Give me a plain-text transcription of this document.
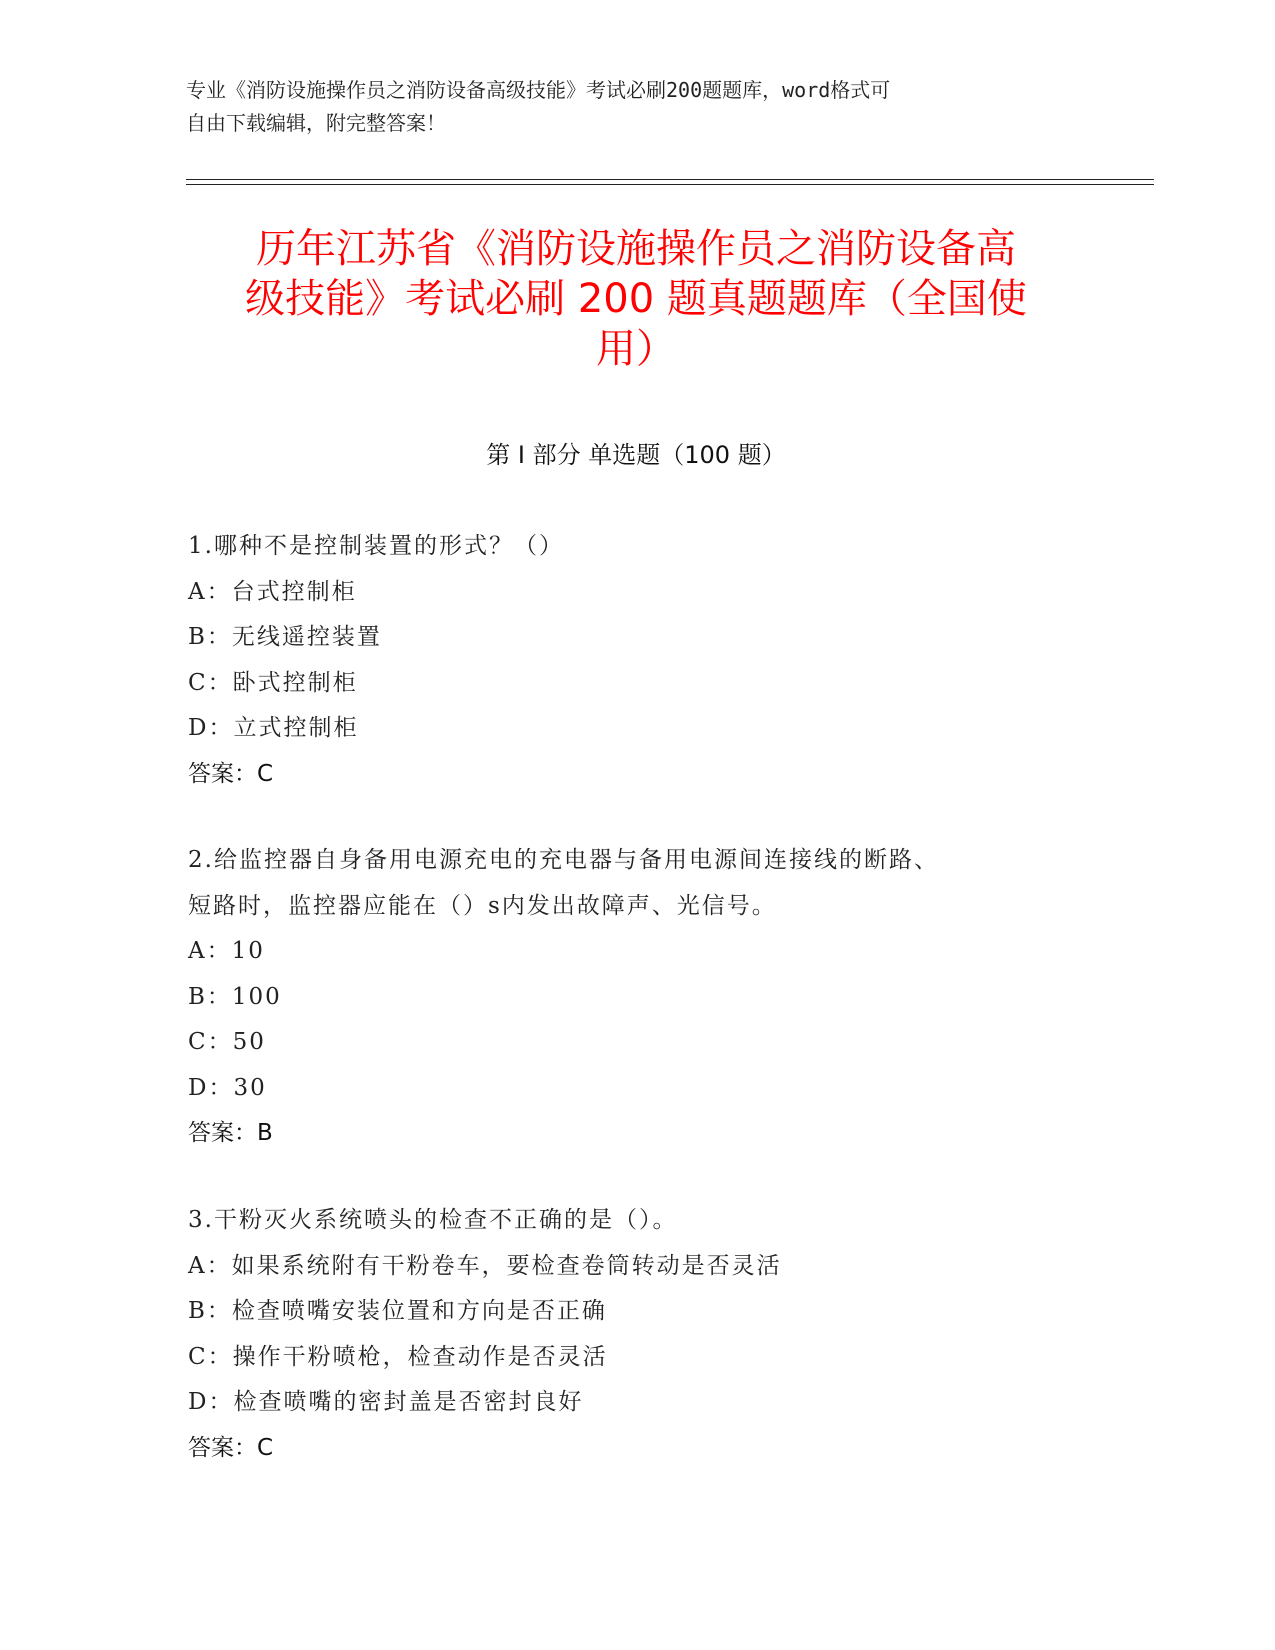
专业《消防设施操作员之消防设备高级技能》考试必刷200题题库，word格式可
自由下载编辑，附完整答案！
历年江苏省《消防设施操作员之消防设备高
级技能》考试必刷 200 题真题题库（全国使
用）
第 I 部分 单选题（100 题）
1.哪种不是控制装置的形式？（）
A：台式控制柜
B：无线遥控装置
C：卧式控制柜
D：立式控制柜
答案：C
2.给监控器自身备用电源充电的充电器与备用电源间连接线的断路、
短路时，监控器应能在（）s内发出故障声、光信号。
A：10
B：100
C：50
D：30
答案：B
3.干粉灭火系统喷头的检查不正确的是（）。
A：如果系统附有干粉卷车，要检查卷筒转动是否灵活
B：检查喷嘴安装位置和方向是否正确
C：操作干粉喷枪，检查动作是否灵活
D：检查喷嘴的密封盖是否密封良好
答案：C
